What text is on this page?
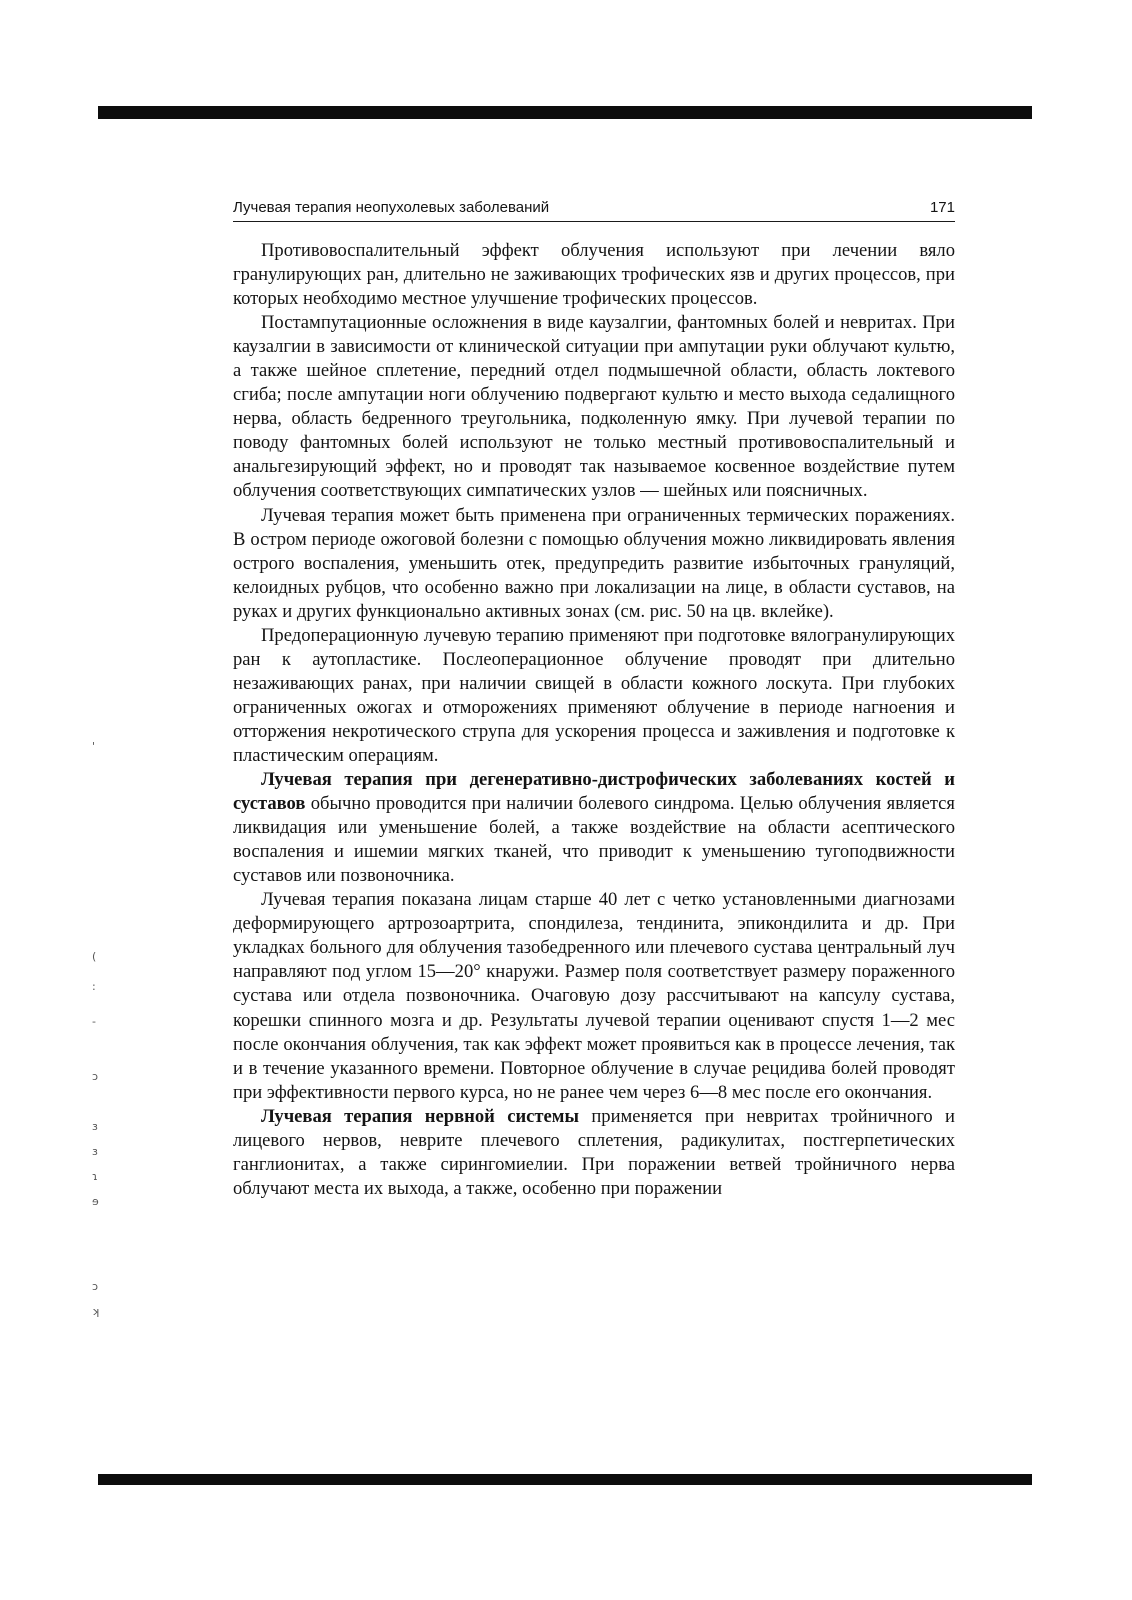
Лучевая терапия неопухолевых заболеваний	171

Противовоспалительный эффект облучения используют при лечении вяло гранулирующих ран, длительно не заживающих трофических язв и других процессов, при которых необходимо местное улучшение трофических процессов.

Постампутационные осложнения в виде каузалгии, фантомных болей и невритах. При каузалгии в зависимости от клинической ситуации при ампутации руки облучают культю, а также шейное сплетение, передний отдел подмышечной области, область локтевого сгиба; после ампутации ноги облучению подвергают культю и место выхода седалищного нерва, область бедренного треугольника, подколенную ямку. При лучевой терапии по поводу фантомных болей используют не только местный противовоспалительный и анальгезирующий эффект, но и проводят так называемое косвенное воздействие путем облучения соответствующих симпатических узлов — шейных или поясничных.

Лучевая терапия может быть применена при ограниченных термических поражениях. В остром периоде ожоговой болезни с помощью облучения можно ликвидировать явления острого воспаления, уменьшить отек, предупредить развитие избыточных грануляций, келоидных рубцов, что особенно важно при локализации на лице, в области суставов, на руках и других функционально активных зонах (см. рис. 50 на цв. вклейке).

Предоперационную лучевую терапию применяют при подготовке вялогранулирующих ран к аутопластике. Послеоперационное облучение проводят при длительно незаживающих ранах, при наличии свищей в области кожного лоскута. При глубоких ограниченных ожогах и отморожениях применяют облучение в периоде нагноения и отторжения некротического струпа для ускорения процесса и заживления и подготовке к пластическим операциям.

Лучевая терапия при дегенеративно-дистрофических заболеваниях костей и суставов обычно проводится при наличии болевого синдрома. Целью облучения является ликвидация или уменьшение болей, а также воздействие на области асептического воспаления и ишемии мягких тканей, что приводит к уменьшению тугоподвижности суставов или позвоночника.

Лучевая терапия показана лицам старше 40 лет с четко установленными диагнозами деформирующего артрозоартрита, спондилеза, тендинита, эпикондилита и др. При укладках больного для облучения тазобедренного или плечевого сустава центральный луч направляют под углом 15—20° кнаружи. Размер поля соответствует размеру пораженного сустава или отдела позвоночника. Очаговую дозу рассчитывают на капсулу сустава, корешки спинного мозга и др. Результаты лучевой терапии оценивают спустя 1—2 мес после окончания облучения, так как эффект может проявиться как в процессе лечения, так и в течение указанного времени. Повторное облучение в случае рецидива болей проводят при эффективности первого курса, но не ранее чем через 6—8 мес после его окончания.

Лучевая терапия нервной системы применяется при невритах тройничного и лицевого нервов, неврите плечевого сплетения, радикулитах, постгерпетических ганглионитах, а также сирингомиелии. При поражении ветвей тройничного нерва облучают места их выхода, а также, особенно при поражении

'
(
:
-
ɔ
ɜ
ɜ
ɿ
ɘ
ɔ
ʞ
